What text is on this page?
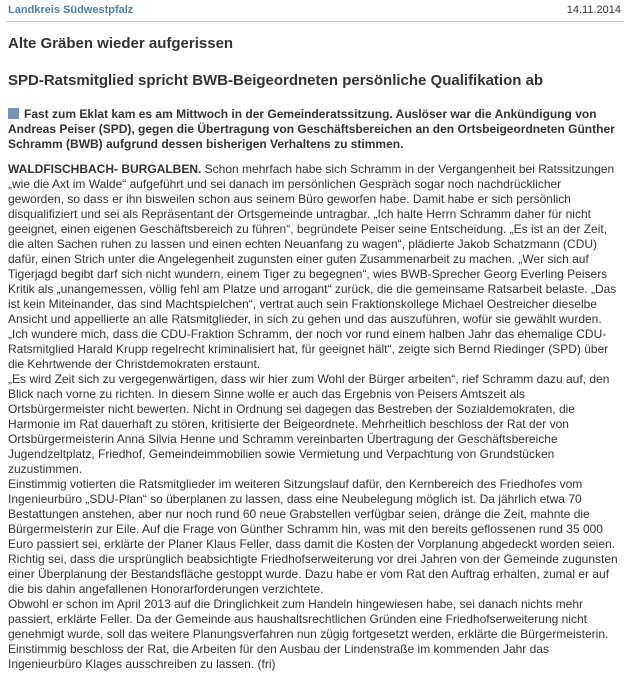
Landkreis Südwestpfalz	14.11.2014
Alte Gräben wieder aufgerissen
SPD-Ratsmitglied spricht BWB-Beigeordneten persönliche Qualifikation ab
Fast zum Eklat kam es am Mittwoch in der Gemeinderatssitzung. Auslöser war die Ankündigung von Andreas Peiser (SPD), gegen die Übertragung von Geschäftsbereichen an den Ortsbeigeordneten Günther Schramm (BWB) aufgrund dessen bisherigen Verhaltens zu stimmen.

WALDFISCHBACH- BURGALBEN. Schon mehrfach habe sich Schramm in der Vergangenheit bei Ratssitzungen „wie die Axt im Walde“ aufgeführt und sei danach im persönlichen Gespräch sogar noch nachdrücklicher geworden, so dass er ihn bisweilen schon aus seinem Büro geworfen habe. Damit habe er sich persönlich disqualifiziert und sei als Repräsentant der Ortsgemeinde untragbar. „Ich halte Herrn Schramm daher für nicht geeignet, einen eigenen Geschäftsbereich zu führen“, begründete Peiser seine Entscheidung. „Es ist an der Zeit, die alten Sachen ruhen zu lassen und einen echten Neuanfang zu wagen“, plädierte Jakob Schatzmann (CDU) dafür, einen Strich unter die Angelegenheit zugunsten einer guten Zusammenarbeit zu machen. „Wer sich auf Tigerjagd begibt darf sich nicht wundern, einem Tiger zu begegnen“, wies BWB-Sprecher Georg Everling Peisers Kritik als „unangemessen, völlig fehl am Platze und arrogant“ zurück, die die gemeinsame Ratsarbeit belaste. „Das ist kein Miteinander, das sind Machtspielchen“, vertrat auch sein Fraktionskollege Michael Oestreicher dieselbe Ansicht und appellierte an alle Ratsmitglieder, in sich zu gehen und das auszuführen, wofür sie gewählt wurden. „Ich wundere mich, dass die CDU-Fraktion Schramm, der noch vor rund einem halben Jahr das ehemalige CDU-Ratsmitglied Harald Krupp regelrecht kriminalisiert hat, für geeignet hält“, zeigte sich Bernd Riedinger (SPD) über die Kehrtwende der Christdemokraten erstaunt.

„Es wird Zeit sich zu vergegenwärtigen, dass wir hier zum Wohl der Bürger arbeiten“, rief Schramm dazu auf, den Blick nach vorne zu richten. In diesem Sinne wolle er auch das Ergebnis von Peisers Amtszeit als Ortsbürgermeister nicht bewerten. Nicht in Ordnung sei dagegen das Bestreben der Sozialdemokraten, die Harmonie im Rat dauerhaft zu stören, kritisierte der Beigeordnete. Mehrheitlich beschloss der Rat der von Ortsbürgermeisterin Anna Silvia Henne und Schramm vereinbarten Übertragung der Geschäftsbereiche Jugendzeltplatz, Friedhof, Gemeindeimmobilien sowie Vermietung und Verpachtung von Grundstücken zuzustimmen.

Einstimmig votierten die Ratsmitglieder im weiteren Sitzungslauf dafür, den Kernbereich des Friedhofes vom Ingenieurbüro „SDU-Plan“ so überplanen zu lassen, dass eine Neubelegung möglich ist. Da jährlich etwa 70 Bestattungen anstehen, aber nur noch rund 60 neue Grabstellen verfügbar seien, dränge die Zeit, mahnte die Bürgermeisterin zur Eile. Auf die Frage von Günther Schramm hin, was mit den bereits geflossenen rund 35 000 Euro passiert sei, erklärte der Planer Klaus Feller, dass damit die Kosten der Vorplanung abgedeckt worden seien. Richtig sei, dass die ursprünglich beabsichtigte Friedhofserweiterung vor drei Jahren von der Gemeinde zugunsten einer Überplanung der Bestandsfläche gestoppt wurde. Dazu habe er vom Rat den Auftrag erhalten, zumal er auf die bis dahin angefallenen Honorarforderungen verzichtete.

Obwohl er schon im April 2013 auf die Dringlichkeit zum Handeln hingewiesen habe, sei danach nichts mehr passiert, erklärte Feller. Da der Gemeinde aus haushaltsrechtlichen Gründen eine Friedhofserweiterung nicht genehmigt wurde, soll das weitere Planungsverfahren nun zügig fortgesetzt werden, erklärte die Bürgermeisterin. Einstimmig beschloss der Rat, die Arbeiten für den Ausbau der Lindenstraße im kommenden Jahr das Ingenieurbüro Klages ausschreiben zu lassen. (fri)
